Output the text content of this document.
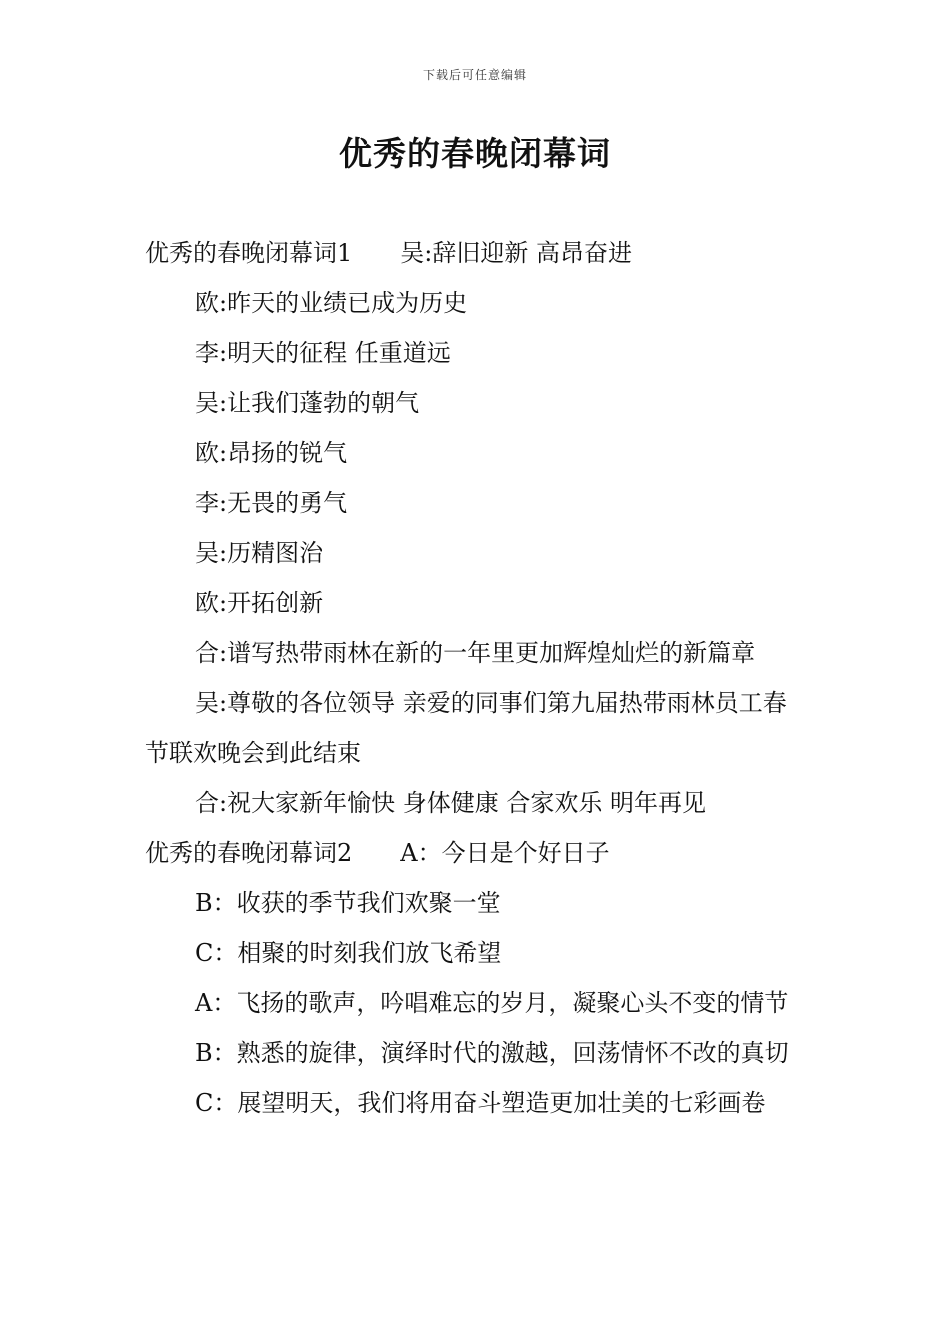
下载后可任意编辑
优秀的春晚闭幕词

优秀的春晚闭幕词1　　吴:辞旧迎新 高昂奋进

欧:昨天的业绩已成为历史

李:明天的征程 任重道远

吴:让我们蓬勃的朝气

欧:昂扬的锐气

李:无畏的勇气

吴:历精图治

欧:开拓创新

合:谱写热带雨林在新的一年里更加辉煌灿烂的新篇章

吴:尊敬的各位领导 亲爱的同事们第九届热带雨林员工春节联欢晚会到此结束

合:祝大家新年愉快 身体健康 合家欢乐 明年再见

优秀的春晚闭幕词2　　A：今日是个好日子

B：收获的季节我们欢聚一堂

C：相聚的时刻我们放飞希望

A：飞扬的歌声，吟唱难忘的岁月，凝聚心头不变的情节

B：熟悉的旋律，演绎时代的激越，回荡情怀不改的真切

C：展望明天，我们将用奋斗塑造更加壮美的七彩画卷
